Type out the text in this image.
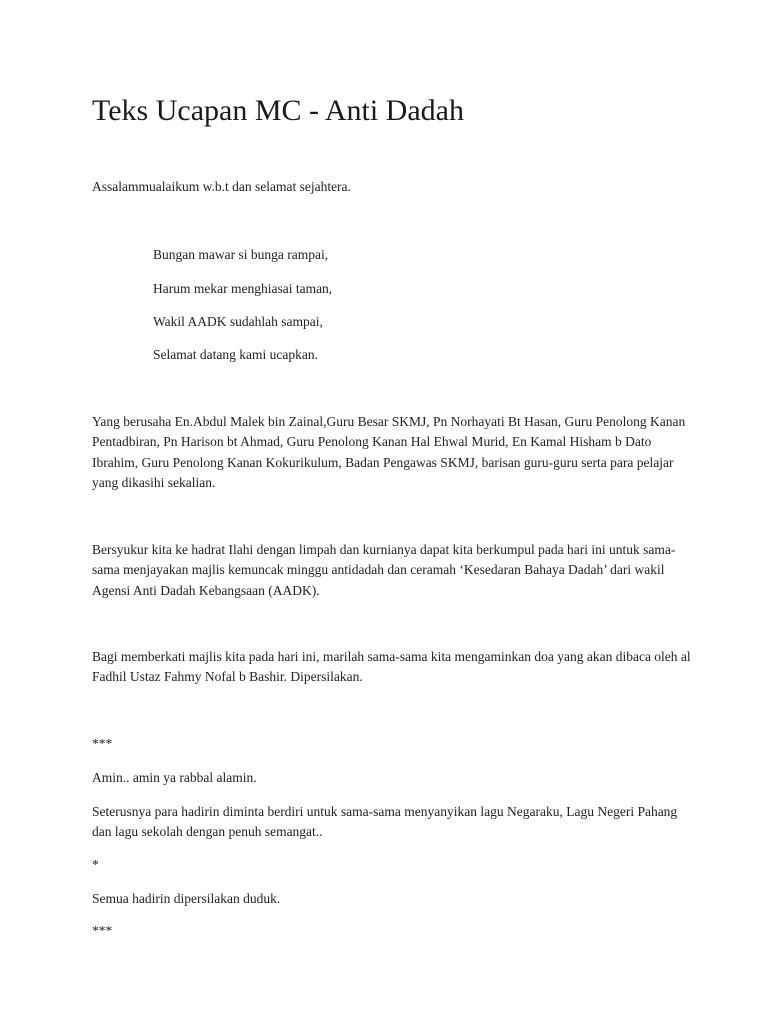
Teks Ucapan MC - Anti Dadah

Assalammualaikum w.b.t dan selamat sejahtera.

Bungan mawar si bunga rampai,

Harum mekar menghiasai taman,

Wakil AADK sudahlah sampai,

Selamat datang kami ucapkan.

Yang berusaha En.Abdul Malek bin Zainal,Guru Besar SKMJ, Pn Norhayati Bt Hasan, Guru Penolong Kanan Pentadbiran, Pn Harison bt Ahmad, Guru Penolong Kanan Hal Ehwal Murid, En Kamal Hisham b Dato Ibrahim, Guru Penolong Kanan Kokurikulum, Badan Pengawas SKMJ, barisan guru-guru serta para pelajar yang dikasihi sekalian.

Bersyukur kita ke hadrat Ilahi dengan limpah dan kurnianya dapat kita berkumpul pada hari ini untuk sama-sama menjayakan majlis kemuncak minggu antidadah dan ceramah ‘Kesedaran Bahaya Dadah’ dari wakil Agensi Anti Dadah Kebangsaan (AADK).

Bagi memberkati majlis kita pada hari ini, marilah sama-sama kita mengaminkan doa yang akan dibaca oleh al Fadhil Ustaz Fahmy Nofal b Bashir. Dipersilakan.

***

Amin.. amin ya rabbal alamin.

Seterusnya para hadirin diminta berdiri untuk sama-sama menyanyikan lagu Negaraku, Lagu Negeri Pahang dan lagu sekolah dengan penuh semangat..

*

Semua hadirin dipersilakan duduk.

***
